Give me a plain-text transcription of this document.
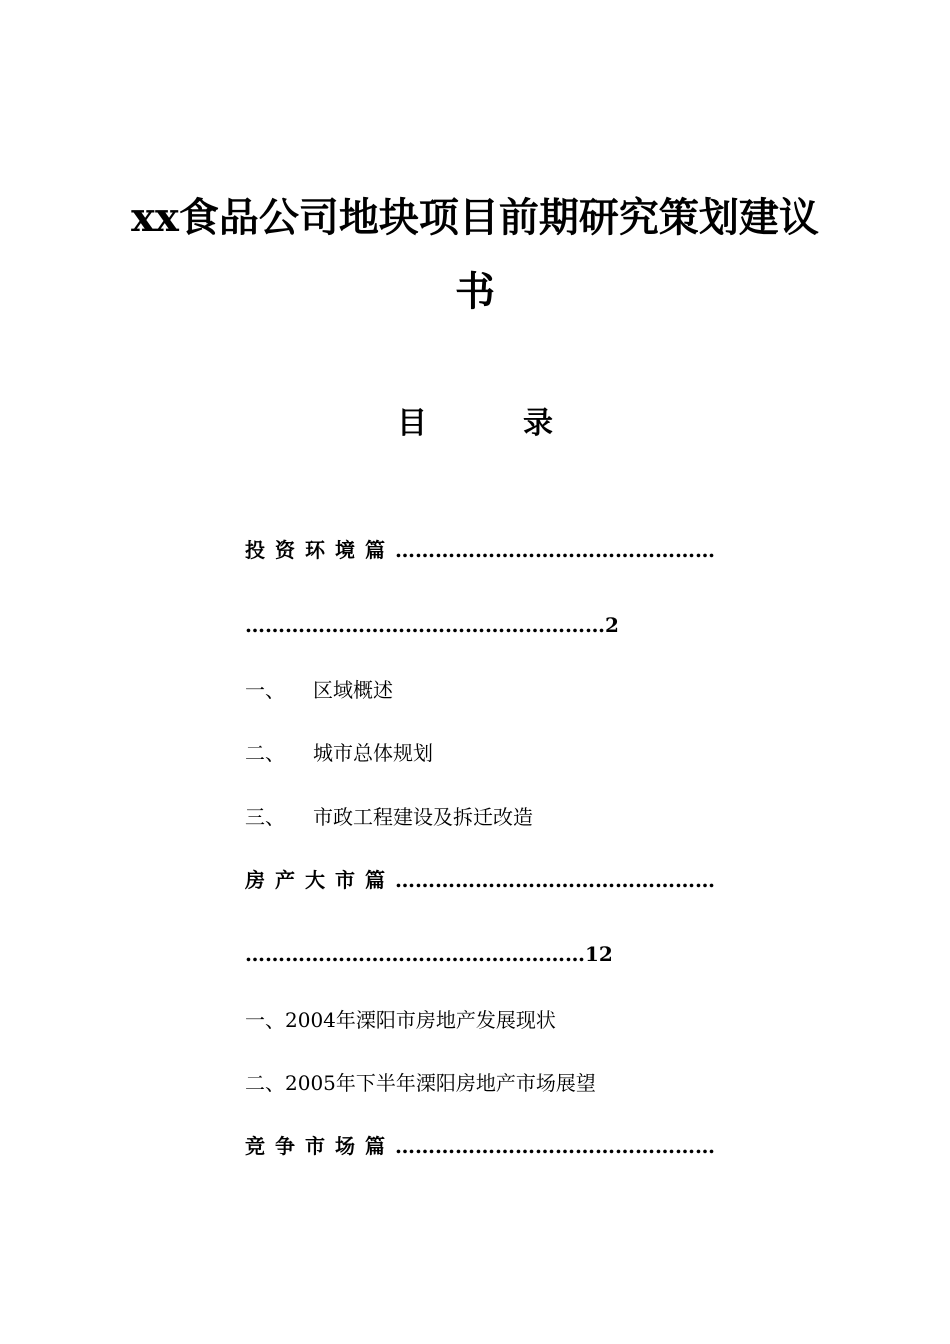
xx食品公司地块项目前期研究策划建议
书
目	录
投资环境篇…………………………………………
………………………………………………2
一、 区域概述
二、 城市总体规划
三、 市政工程建设及拆迁改造
房产大市篇…………………………………………
……………………………………………12
一、2004年溧阳市房地产发展现状
二、2005年下半年溧阳房地产市场展望
竞争市场篇…………………………………………
